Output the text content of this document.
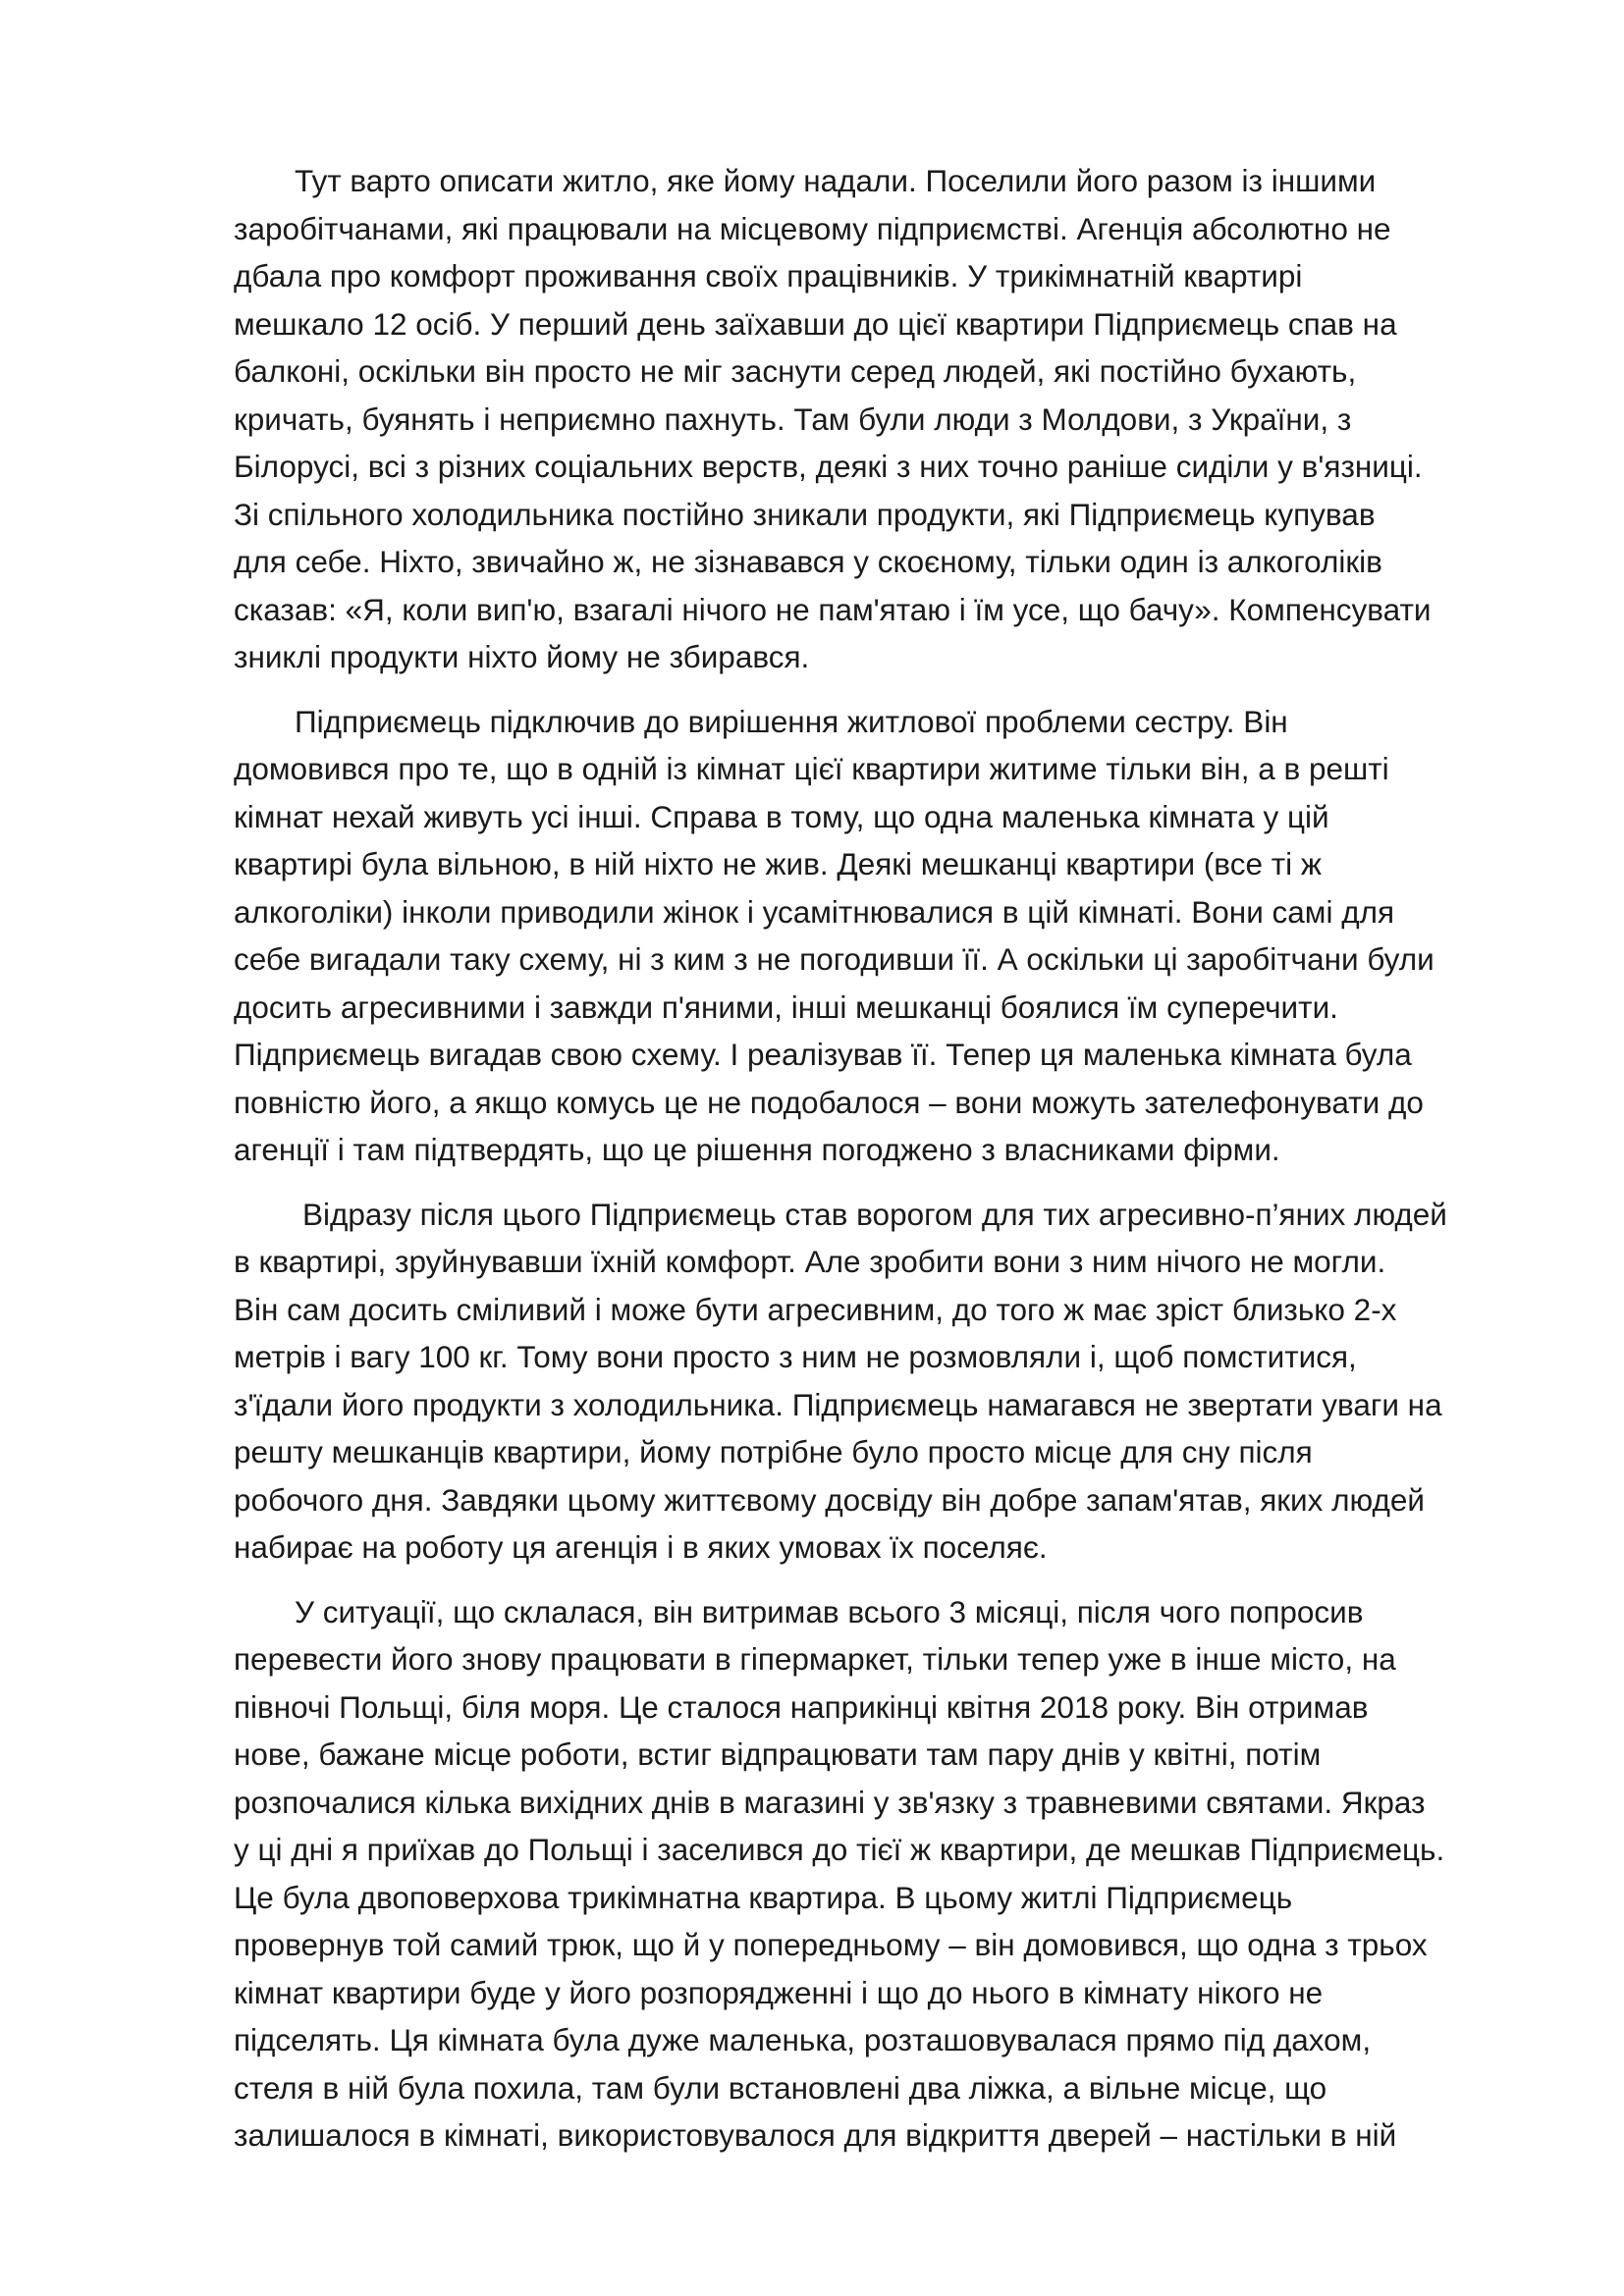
Тут варто описати житло, яке йому надали. Поселили його разом із іншими
заробітчанами, які працювали на місцевому підприємстві. Агенція абсолютно не
дбала про комфорт проживання своїх працівників. У трикімнатній квартирі
мешкало 12 осіб. У перший день заїхавши до цієї квартири Підприємець спав на
балконі, оскільки він просто не міг заснути серед людей, які постійно бухають,
кричать, буянять і неприємно пахнуть. Там були люди з Молдови, з України, з
Білорусі, всі з різних соціальних верств, деякі з них точно раніше сиділи у в'язниці.
Зі спільного холодильника постійно зникали продукти, які Підприємець купував
для себе. Ніхто, звичайно ж, не зізнавався у скоєному, тільки один із алкоголіків
сказав: «Я, коли вип'ю, взагалі нічого не пам'ятаю і їм усе, що бачу». Компенсувати
зниклі продукти ніхто йому не збирався.

Підприємець підключив до вирішення житлової проблеми сестру. Він
домовився про те, що в одній із кімнат цієї квартири житиме тільки він, а в решті
кімнат нехай живуть усі інші. Справа в тому, що одна маленька кімната у цій
квартирі була вільною, в ній ніхто не жив. Деякі мешканці квартири (все ті ж
алкоголіки) інколи приводили жінок і усамітнювалися в цій кімнаті. Вони самі для
себе вигадали таку схему, ні з ким з не погодивши її. А оскільки ці заробітчани були
досить агресивними і завжди п'яними, інші мешканці боялися їм суперечити.
Підприємець вигадав свою схему. І реалізував її. Тепер ця маленька кімната була
повністю його, а якщо комусь це не подобалося – вони можуть зателефонувати до
агенції і там підтвердять, що це рішення погоджено з власниками фірми.

Відразу після цього Підприємець став ворогом для тих агресивно-п’яних людей
в квартирі, зруйнувавши їхній комфорт. Але зробити вони з ним нічого не могли.
Він сам досить сміливий і може бути агресивним, до того ж має зріст близько 2-х
метрів і вагу 100 кг. Тому вони просто з ним не розмовляли і, щоб помститися,
з'їдали його продукти з холодильника. Підприємець намагався не звертати уваги на
решту мешканців квартири, йому потрібне було просто місце для сну після
робочого дня. Завдяки цьому життєвому досвіду він добре запам'ятав, яких людей
набирає на роботу ця агенція і в яких умовах їх поселяє.

У ситуації, що склалася, він витримав всього 3 місяці, після чого попросив
перевести його знову працювати в гіпермаркет, тільки тепер уже в інше місто, на
півночі Польщі, біля моря. Це сталося наприкінці квітня 2018 року. Він отримав
нове, бажане місце роботи, встиг відпрацювати там пару днів у квітні, потім
розпочалися кілька вихідних днів в магазині у зв'язку з травневими святами. Якраз
у ці дні я приїхав до Польщі і заселився до тієї ж квартири, де мешкав Підприємець.
Це була двоповерхова трикімнатна квартира. В цьому житлі Підприємець
провернув той самий трюк, що й у попередньому – він домовився, що одна з трьох
кімнат квартири буде у його розпорядженні і що до нього в кімнату нікого не
підселять. Ця кімната була дуже маленька, розташовувалася прямо під дахом,
стеля в ній була похила, там були встановлені два ліжка, а вільне місце, що
залишалося в кімнаті, використовувалося для відкриття дверей – настільки в ній
